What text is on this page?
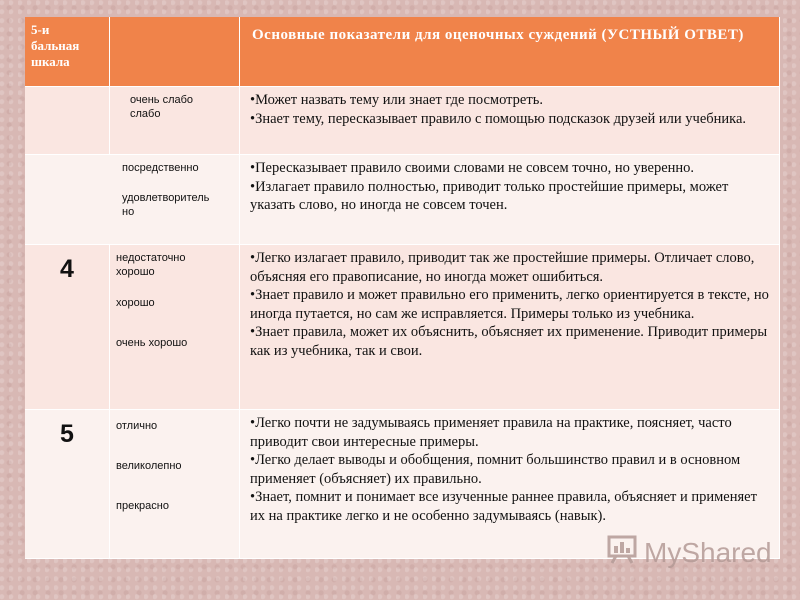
5-и
бальная
шкала
Основные показатели для оценочных суждений (УСТНЫЙ ОТВЕТ)
очень слабо
слабо
•Может назвать тему или знает где посмотреть.
•Знает тему, пересказывает правило с помощью подсказок друзей или учебника.
посредственно
удовлетворитель
но
•Пересказывает правило своими словами не совсем точно, но уверенно.
•Излагает правило полностью, приводит только простейшие примеры, может указать слово, но иногда не совсем точен.
4	недостаточно
хорошо
хорошо
очень хорошо
•Легко излагает правило, приводит так же простейшие примеры. Отличает слово, объясняя его правописание, но иногда может ошибиться.
•Знает правило и может правильно его применить, легко ориентируется в тексте, но иногда путается, но сам же исправляется. Примеры только из учебника.
•Знает правила, может их объяснить, объясняет их применение. Приводит примеры как из учебника, так и свои.
5	отлично
великолепно
прекрасно
•Легко почти не задумываясь применяет правила на практике, поясняет, часто приводит свои интересные примеры.
•Легко делает выводы и обобщения, помнит большинство правил и в основном применяет (объясняет) их правильно.
•Знает, помнит и понимает все изученные раннее правила, объясняет и применяет их на практике легко и не особенно задумываясь (навык).
MyShared
